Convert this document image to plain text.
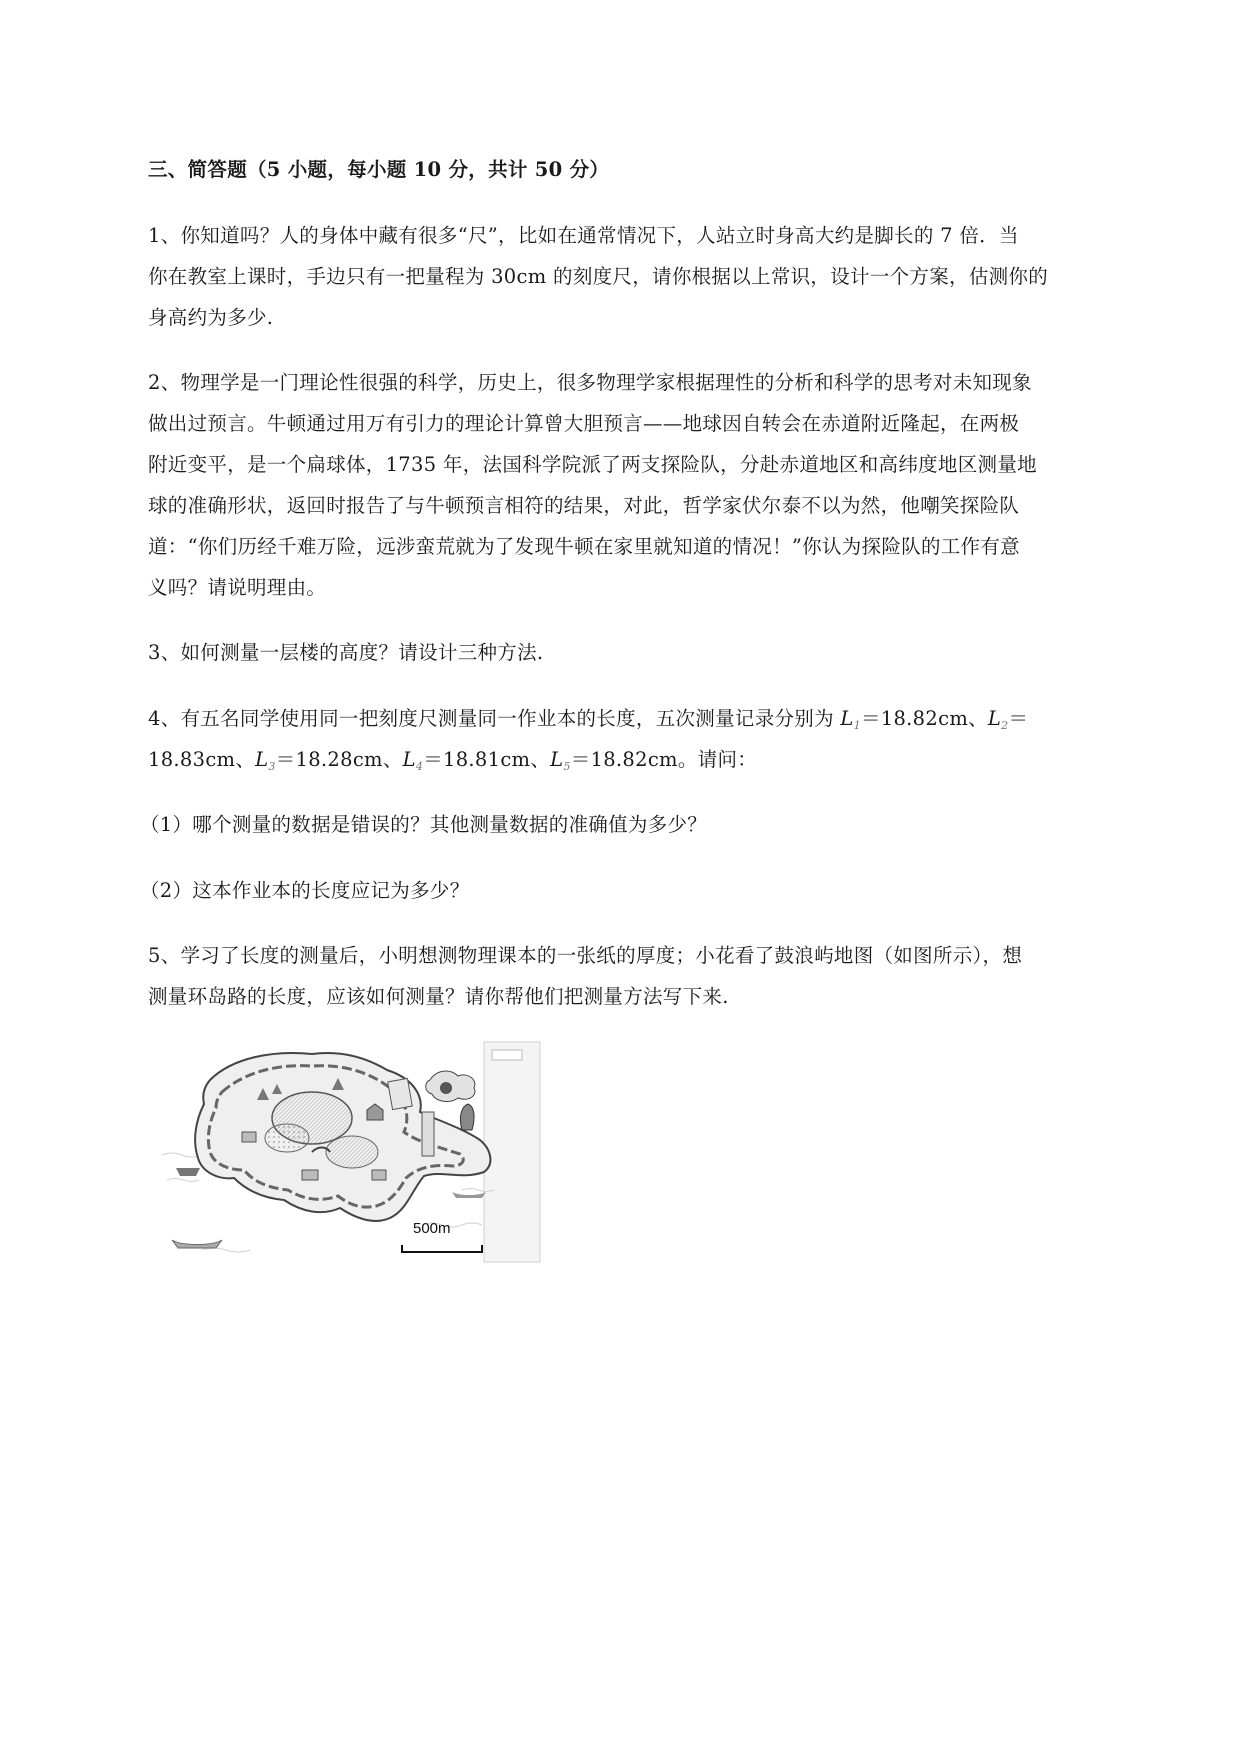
三、简答题（5 小题，每小题 10 分，共计 50 分）
1、你知道吗？人的身体中藏有很多“尺”，比如在通常情况下，人站立时身高大约是脚长的 7 倍．当
你在教室上课时，手边只有一把量程为 30cm 的刻度尺，请你根据以上常识，设计一个方案，估测你的
身高约为多少.
2、物理学是一门理论性很强的科学，历史上，很多物理学家根据理性的分析和科学的思考对未知现象
做出过预言。牛顿通过用万有引力的理论计算曾大胆预言——地球因自转会在赤道附近隆起，在两极
附近变平，是一个扁球体，1735 年，法国科学院派了两支探险队，分赴赤道地区和高纬度地区测量地
球的准确形状，返回时报告了与牛顿预言相符的结果，对此，哲学家伏尔泰不以为然，他嘲笑探险队
道：“你们历经千难万险，远涉蛮荒就为了发现牛顿在家里就知道的情况！”你认为探险队的工作有意
义吗？请说明理由。
3、如何测量一层楼的高度？请设计三种方法.
4、有五名同学使用同一把刻度尺测量同一作业本的长度，五次测量记录分别为 $L_1=18.82cm$、$L_2=$
18.83cm、$L_3=18.28cm$、$L_4=18.81cm$、$L_5=18.82cm$。请问：
（1）哪个测量的数据是错误的？其他测量数据的准确值为多少？
（2）这本作业本的长度应记为多少？
5、学习了长度的测量后，小明想测物理课本的一张纸的厚度；小花看了鼓浪屿地图（如图所示），想
测量环岛路的长度，应该如何测量？请你帮他们把测量方法写下来.
500m
